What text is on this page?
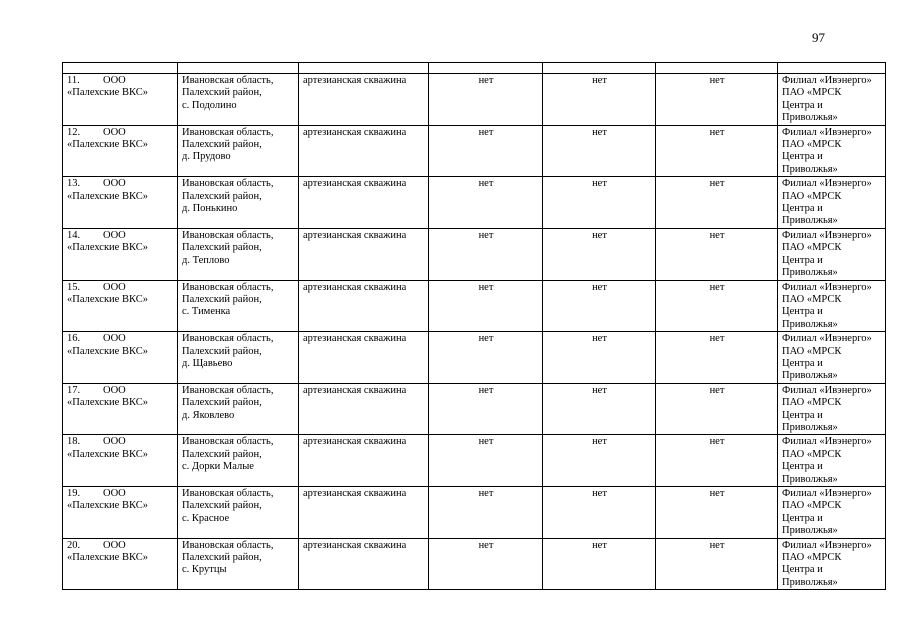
97

11. ООО
«Палехские ВКС»	Ивановская область,
Палехский район,
с. Подолино	артезианская скважина	нет	нет	нет	Филиал «Ивэнерго»
ПАО «МРСК
Центра и
Приволжья»

12. ООО
«Палехские ВКС»	Ивановская область,
Палехский район,
д. Прудово	артезианская скважина	нет	нет	нет	Филиал «Ивэнерго»
ПАО «МРСК
Центра и
Приволжья»

13. ООО
«Палехские ВКС»	Ивановская область,
Палехский район,
д. Понькино	артезианская скважина	нет	нет	нет	Филиал «Ивэнерго»
ПАО «МРСК
Центра и
Приволжья»

14. ООО
«Палехские ВКС»	Ивановская область,
Палехский район,
д. Теплово	артезианская скважина	нет	нет	нет	Филиал «Ивэнерго»
ПАО «МРСК
Центра и
Приволжья»

15. ООО
«Палехские ВКС»	Ивановская область,
Палехский район,
с. Тименка	артезианская скважина	нет	нет	нет	Филиал «Ивэнерго»
ПАО «МРСК
Центра и
Приволжья»

16. ООО
«Палехские ВКС»	Ивановская область,
Палехский район,
д. Щавьево	артезианская скважина	нет	нет	нет	Филиал «Ивэнерго»
ПАО «МРСК
Центра и
Приволжья»

17. ООО
«Палехские ВКС»	Ивановская область,
Палехский район,
д. Яковлево	артезианская скважина	нет	нет	нет	Филиал «Ивэнерго»
ПАО «МРСК
Центра и
Приволжья»

18. ООО
«Палехские ВКС»	Ивановская область,
Палехский район,
с. Дорки Малые	артезианская скважина	нет	нет	нет	Филиал «Ивэнерго»
ПАО «МРСК
Центра и
Приволжья»

19. ООО
«Палехские ВКС»	Ивановская область,
Палехский район,
с. Красное	артезианская скважина	нет	нет	нет	Филиал «Ивэнерго»
ПАО «МРСК
Центра и
Приволжья»

20. ООО
«Палехские ВКС»	Ивановская область,
Палехский район,
с. Крутцы	артезианская скважина	нет	нет	нет	Филиал «Ивэнерго»
ПАО «МРСК
Центра и
Приволжья»
